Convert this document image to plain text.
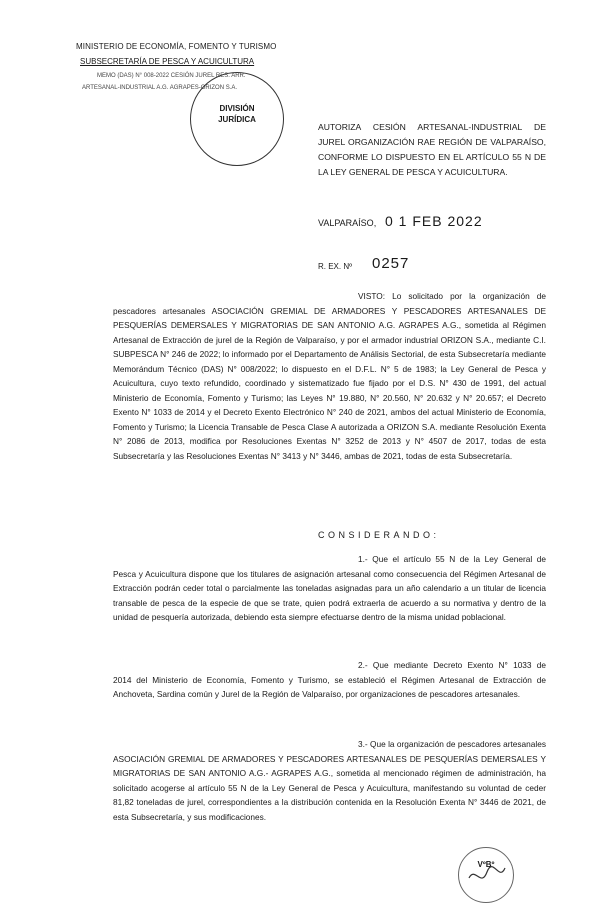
MINISTERIO DE ECONOMÍA, FOMENTO Y TURISMO
SUBSECRETARÍA DE PESCA Y ACUICULTURA
MEMO (DAS) N° 008-2022 CESIÓN JUREL RES. ARR.
ARTESANAL-INDUSTRIAL A.G. AGRAPES-ORIZON S.A.
DIVISIÓN
JURÍDICA
AUTORIZA CESIÓN ARTESANAL-INDUSTRIAL DE JUREL ORGANIZACIÓN RAE REGIÓN DE VALPARAÍSO, CONFORME LO DISPUESTO EN EL ARTÍCULO 55 N DE LA LEY GENERAL DE PESCA Y ACUICULTURA.
VALPARAÍSO, 0 1 FEB 2022
R. EX. Nº 0257
VISTO: Lo solicitado por la organización de pescadores artesanales ASOCIACIÓN GREMIAL DE ARMADORES Y PESCADORES ARTESANALES DE PESQUERÍAS DEMERSALES Y MIGRATORIAS DE SAN ANTONIO A.G. AGRAPES A.G., sometida al Régimen Artesanal de Extracción de jurel de la Región de Valparaíso, y por el armador industrial ORIZON S.A., mediante C.I. SUBPESCA N° 246 de 2022; lo informado por el Departamento de Análisis Sectorial, de esta Subsecretaría mediante Memorándum Técnico (DAS) N° 008/2022; lo dispuesto en el D.F.L. N° 5 de 1983; la Ley General de Pesca y Acuicultura, cuyo texto refundido, coordinado y sistematizado fue fijado por el D.S. N° 430 de 1991, del actual Ministerio de Economía, Fomento y Turismo; las Leyes N° 19.880, N° 20.560, N° 20.632 y N° 20.657; el Decreto Exento N° 1033 de 2014 y el Decreto Exento Electrónico N° 240 de 2021, ambos del actual Ministerio de Economía, Fomento y Turismo; la Licencia Transable de Pesca Clase A autorizada a ORIZON S.A. mediante Resolución Exenta N° 2086 de 2013, modifica por Resoluciones Exentas N° 3252 de 2013 y N° 4507 de 2017, todas de esta Subsecretaría y las Resoluciones Exentas N° 3413 y N° 3446, ambas de 2021, todas de esta Subsecretaría.
CONSIDERANDO:
1.- Que el artículo 55 N de la Ley General de Pesca y Acuicultura dispone que los titulares de asignación artesanal como consecuencia del Régimen Artesanal de Extracción podrán ceder total o parcialmente las toneladas asignadas para un año calendario a un titular de licencia transable de pesca de la especie de que se trate, quien podrá extraerla de acuerdo a su normativa y dentro de la unidad de pesquería autorizada, debiendo esta siempre efectuarse dentro de la misma unidad poblacional.
2.- Que mediante Decreto Exento N° 1033 de 2014 del Ministerio de Economía, Fomento y Turismo, se estableció el Régimen Artesanal de Extracción de Anchoveta, Sardina común y Jurel de la Región de Valparaíso, por organizaciones de pescadores artesanales.
3.- Que la organización de pescadores artesanales ASOCIACIÓN GREMIAL DE ARMADORES Y PESCADORES ARTESANALES DE PESQUERÍAS DEMERSALES Y MIGRATORIAS DE SAN ANTONIO A.G.- AGRAPES A.G., sometida al mencionado régimen de administración, ha solicitado acogerse al artículo 55 N de la Ley General de Pesca y Acuicultura, manifestando su voluntad de ceder 81,82 toneladas de jurel, correspondientes a la distribución contenida en la Resolución Exenta N° 3446 de 2021, de esta Subsecretaría, y sus modificaciones.
VºBº
